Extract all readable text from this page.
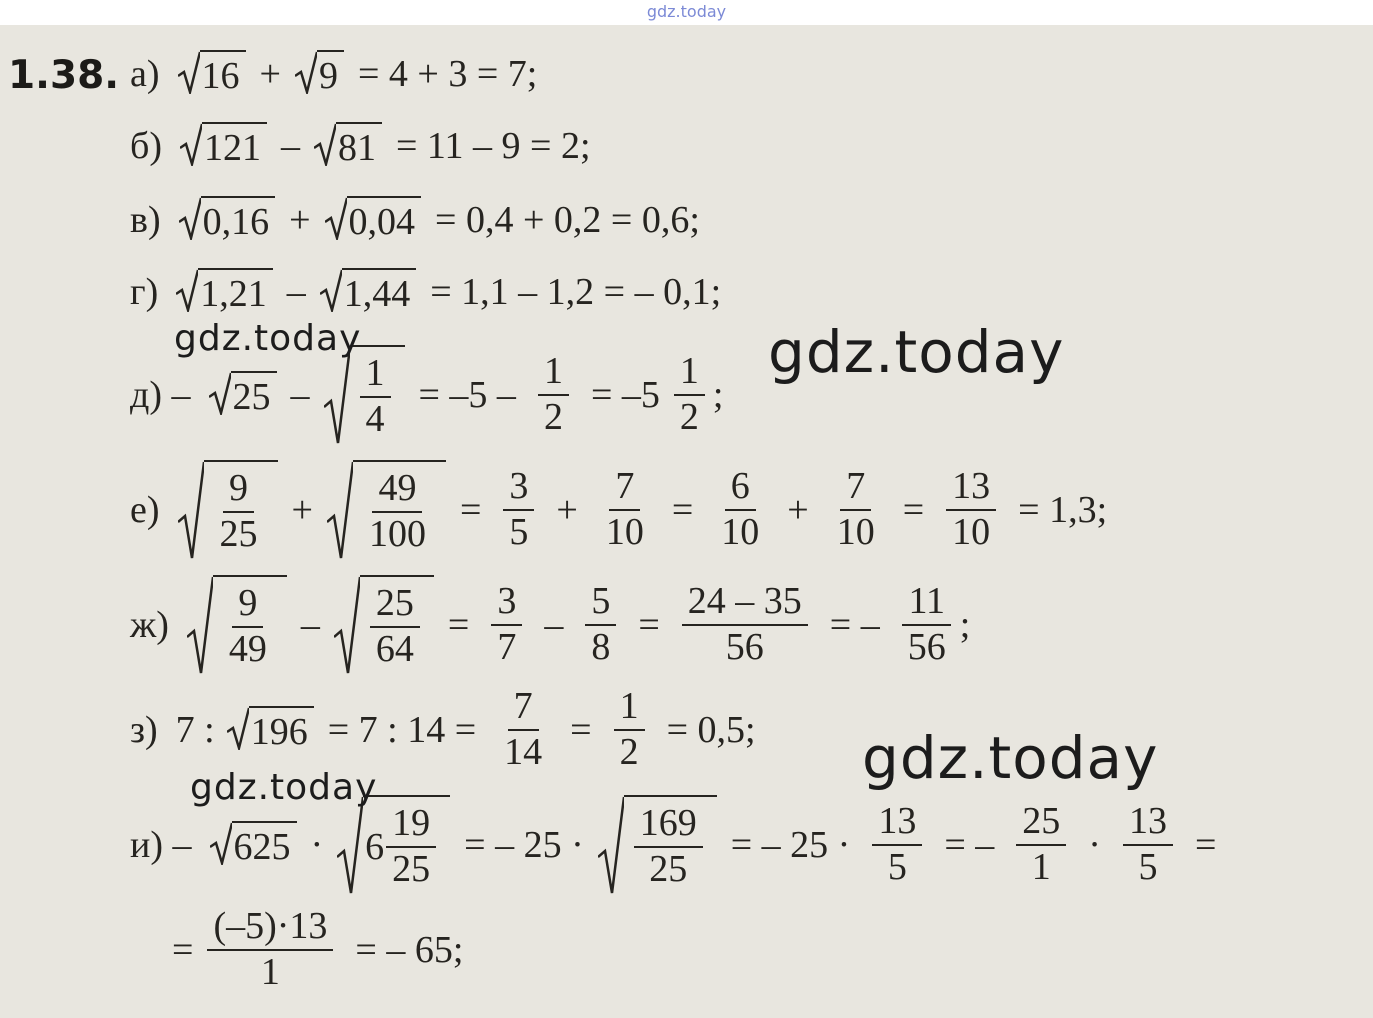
gdz.today
1.38. а) 16 + 9 = 4 + 3 = 7;
б) 121 – 81 = 11 – 9 = 2;
в) 0,16 + 0,04 = 0,4 + 0,2 = 0,6;
г) 1,21 – 1,44 = 1,1 – 1,2 = – 0,1;
$д) - 25 - \frac{1}{4} = -5 - \frac{1}{2} = -5 \frac{1}{2}$ ;
$е) \frac{9}{25} + \frac{49}{100} = \frac{3}{5} + \frac{7}{10} = \frac{6}{10} + \frac{7}{10} = \frac{13}{10} = 1,3$;
$ж) \frac{9}{49} - \frac{25}{64} = \frac{3}{7} - \frac{5}{8} = \frac{24 - 35}{56}$ = – $\frac{11}{56}$ ;
з) 7 : 196 = 7 : $14 = \frac{7}{14} = \frac{1}{2} = 0,5$;
$и) - 625 \cdot 6 \frac{19}{25}$ = – $25 \cdot \frac{169}{25}$ = – $25 \cdot \frac{13}{5}$ = – $\frac{25}{1} \cdot \frac{13}{5}$ =
= $\frac{(-5)\cdot 13}{1}$ = – 65;
gdz.today	gdz.today
gdz.today
gdz.today
